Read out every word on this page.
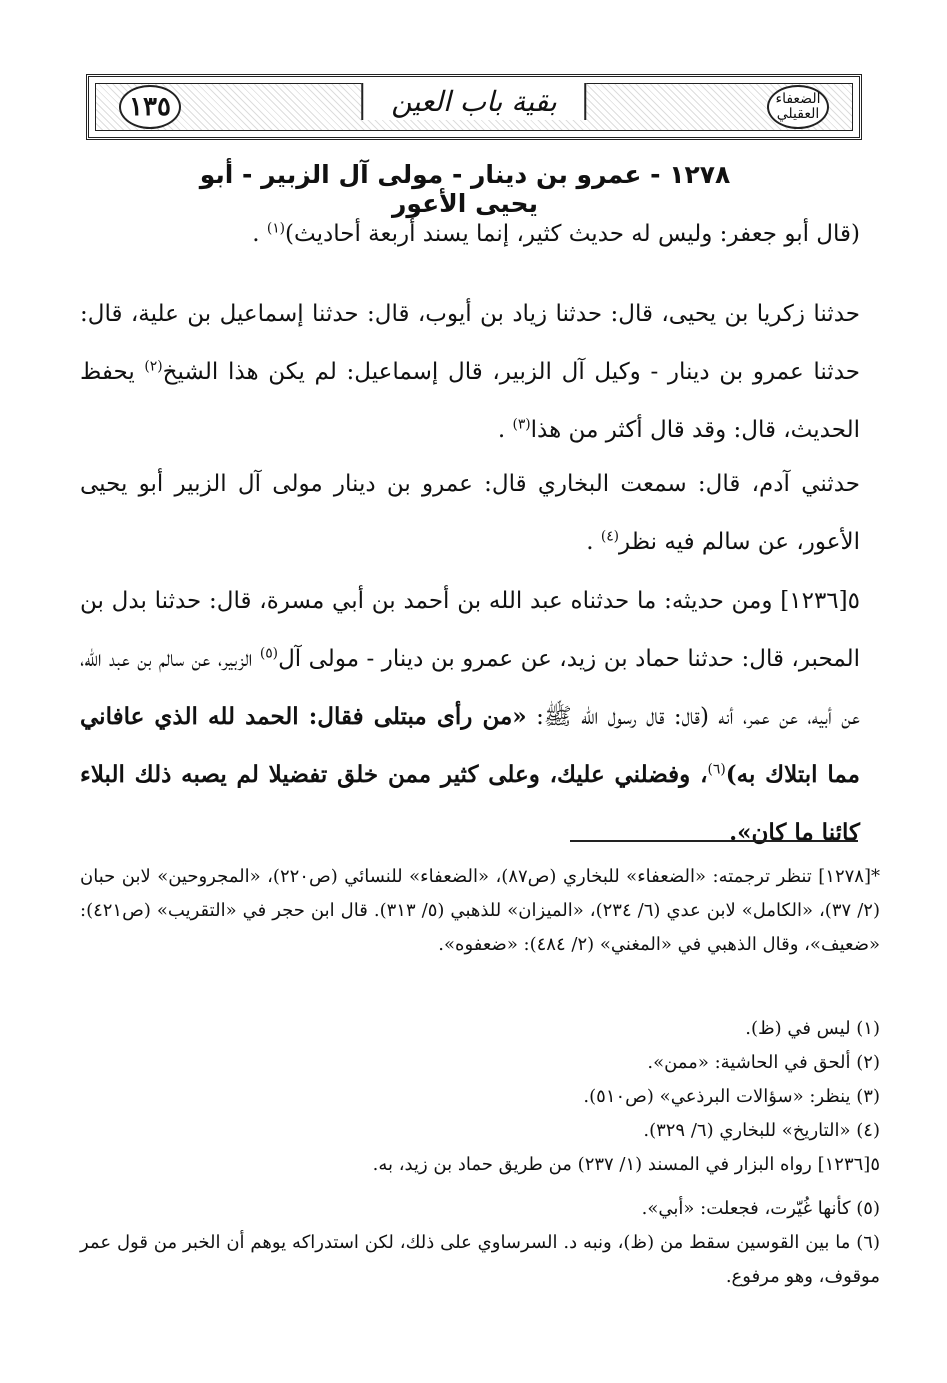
١٣٥	بقية باب العين	الضعفاء العقيلي
١٢٧٨ - عمرو بن دينار - مولى آل الزبير - أبو يحيى الأعور
(قال أبو جعفر: وليس له حديث كثير، إنما يسند أربعة أحاديث)$^{(١)}$ .
حدثنا زكريا بن يحيى، قال: حدثنا زياد بن أيوب، قال: حدثنا إسماعيل بن علية، قال: حدثنا عمرو بن دينار - وكيل آل الزبير، قال إسماعيل: لم يكن هذا الشيخ$^{(٢)}$ يحفظ الحديث، قال: وقد قال أكثر من هذا$^{(٣)}$ .
حدثني آدم، قال: سمعت البخاري قال: عمرو بن دينار مولى آل الزبير أبو يحيى الأعور، عن سالم فيه نظر$^{(٤)}$ .
٥[١٢٣٦] ومن حديثه: ما حدثناه عبد الله بن أحمد بن أبي مسرة، قال: حدثنا بدل بن المحبر، قال: حدثنا حماد بن زيد، عن عمرو بن دينار - مولى آل$^{(٥)}$ الزبير، عن سالم بن عبد الله، عن أبيه، عن عمر، أنه (قال: قال رسول الله ﷺ: «من رأى مبتلى فقال: الحمد لله الذي عافاني مما ابتلاك به)$^{(٦)}$، وفضلني عليك، وعلى كثير ممن خلق تفضيلا لم يصبه ذلك البلاء كائنا ما كان».
*[١٢٧٨] تنظر ترجمته: «الضعفاء» للبخاري (ص٨٧)، «الضعفاء» للنسائي (ص٢٢٠)، «المجروحين» لابن حبان (٢/ ٣٧)، «الكامل» لابن عدي (٦/ ٢٣٤)، «الميزان» للذهبي (٥/ ٣١٣). قال ابن حجر في «التقريب» (ص٤٢١): «ضعيف»، وقال الذهبي في «المغني» (٢/ ٤٨٤): «ضعفوه».
(١) ليس في (ظ).
(٢) ألحق في الحاشية: «ممن».
(٣) ينظر: «سؤالات البرذعي» (ص٥١٠).
(٤) «التاريخ» للبخاري (٦/ ٣٢٩).
٥[١٢٣٦] رواه البزار في المسند (١/ ٢٣٧) من طريق حماد بن زيد، به.
(٥) كأنها غُيّرت، فجعلت: «أبي».
(٦) ما بين القوسين سقط من (ظ)، ونبه د. السرساوي على ذلك، لكن استدراكه يوهم أن الخبر من قول عمر موقوف، وهو مرفوع.
